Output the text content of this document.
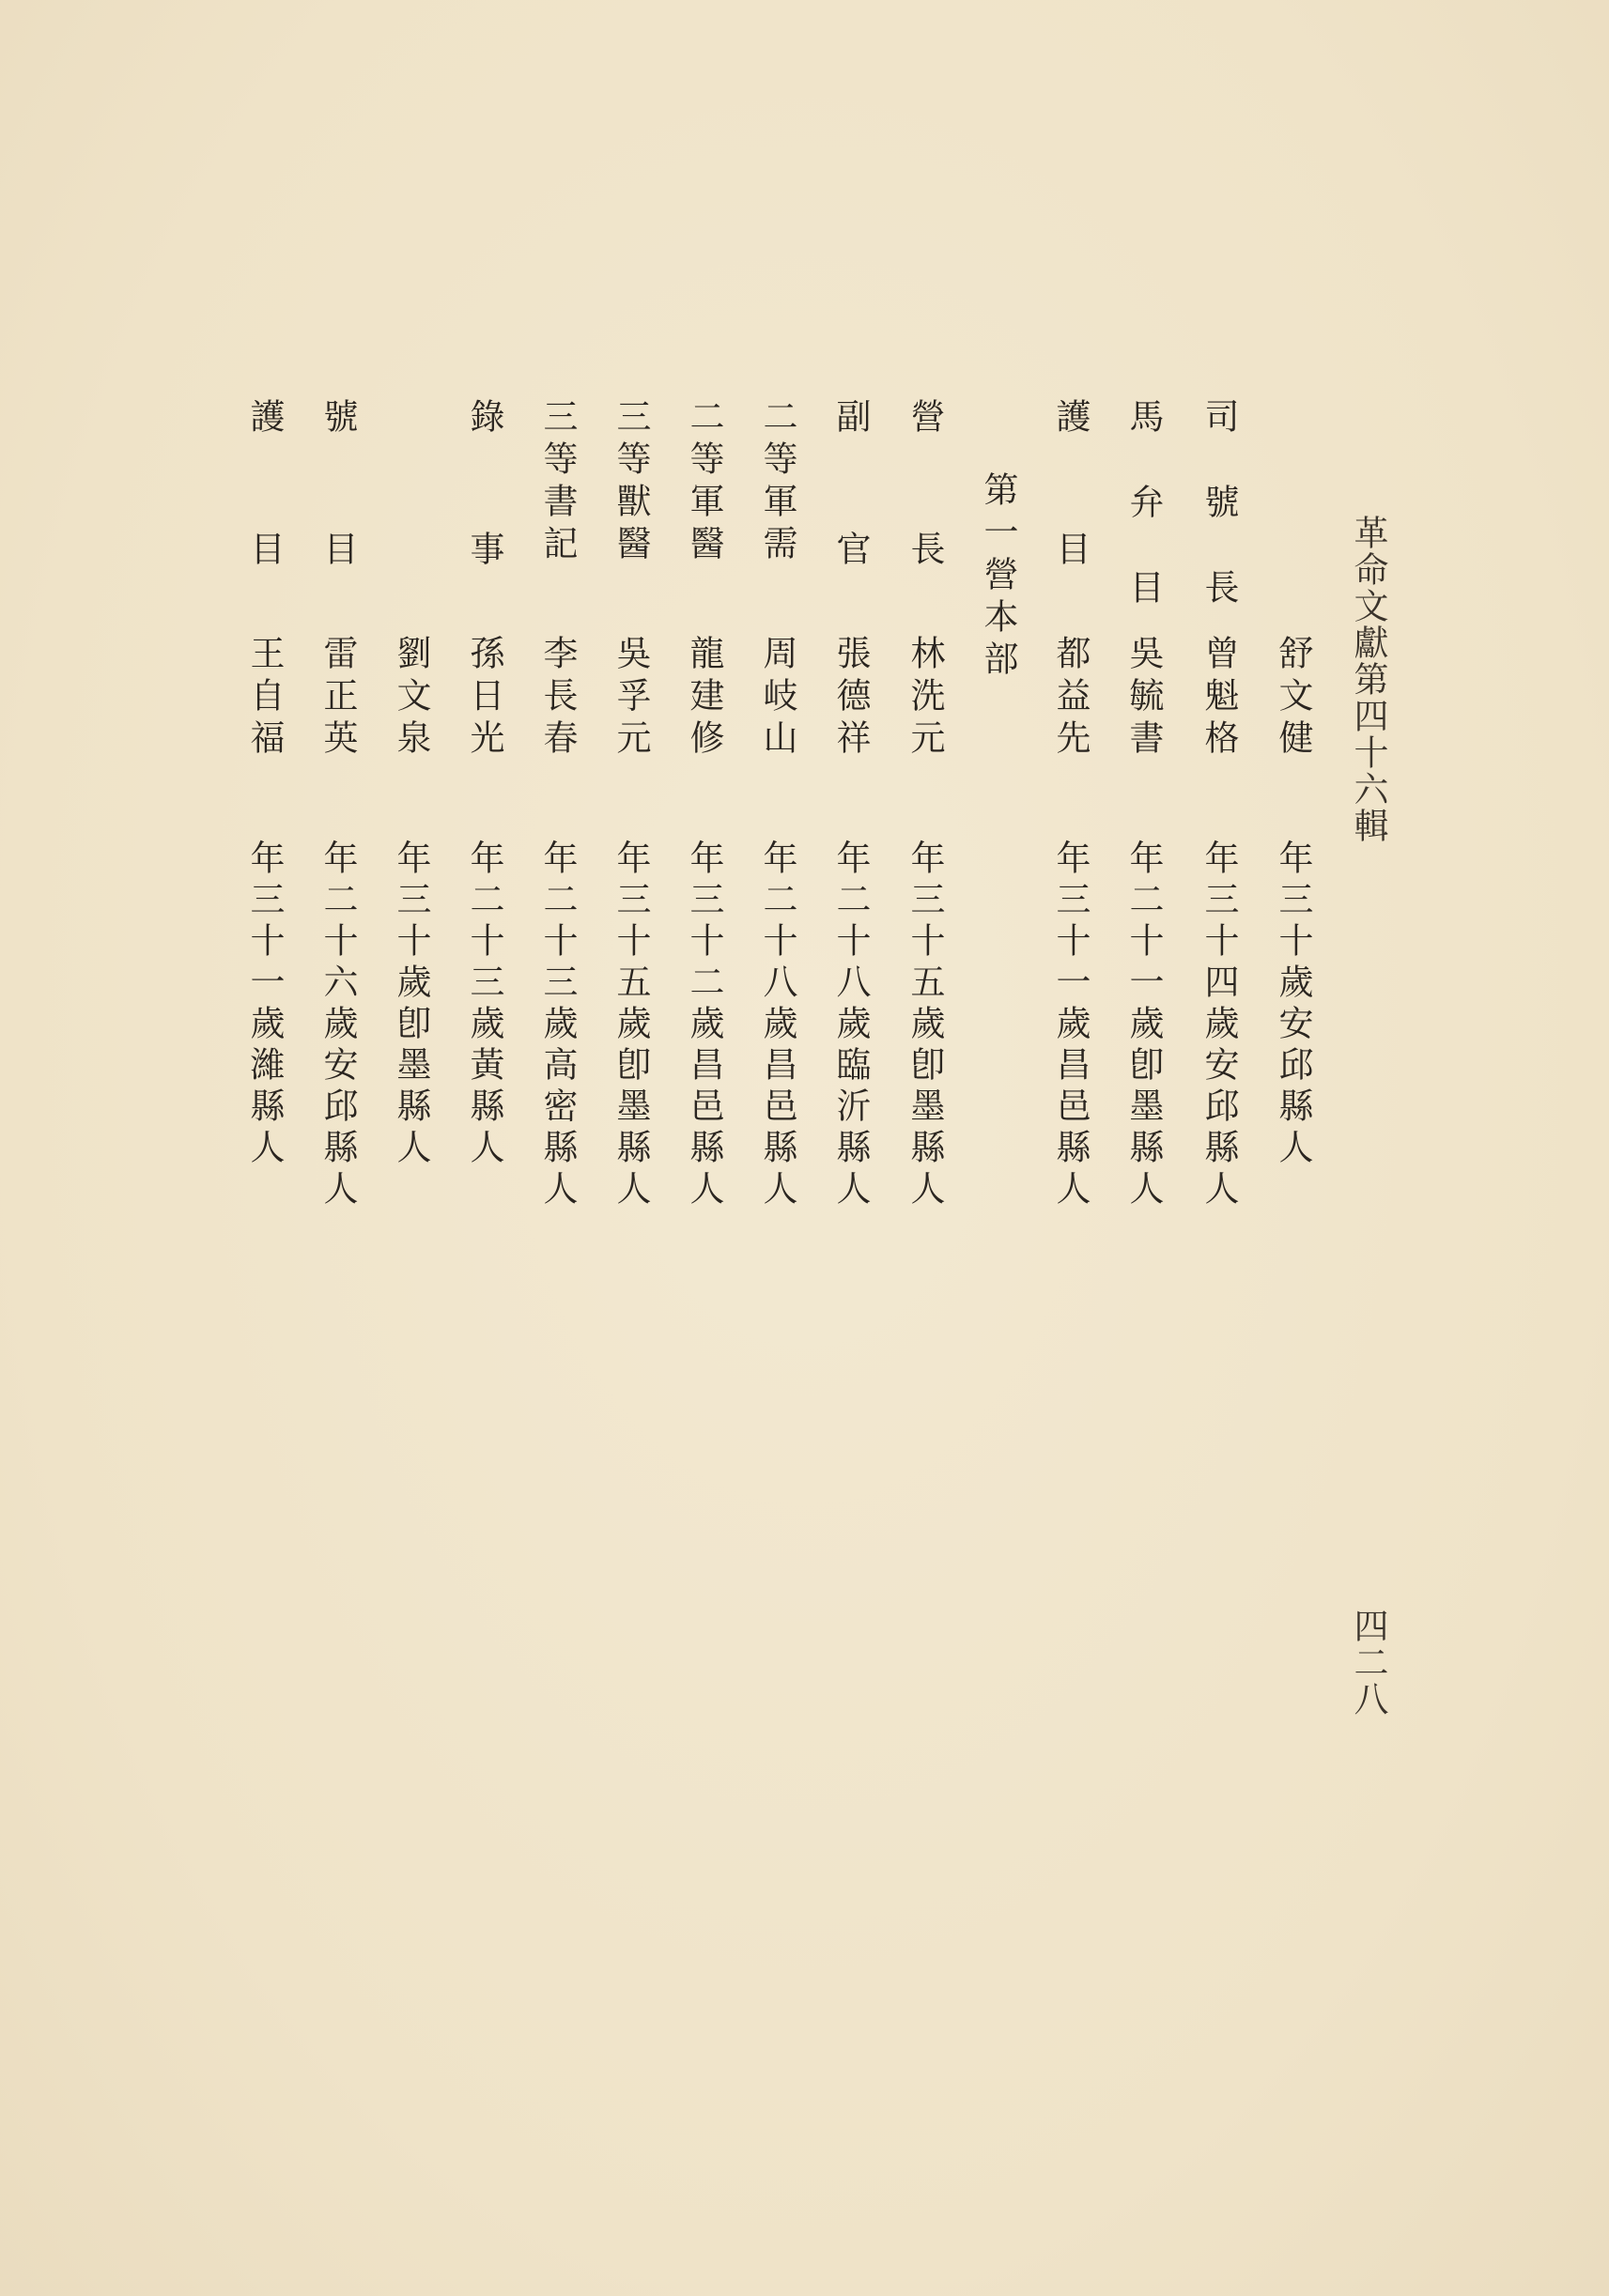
革命文獻第四十六輯
四二八
舒文健
年三十歲安邱縣人
司號長
曾魁格
年三十四歲安邱縣人
馬弁目
吳毓書
年二十一歲卽墨縣人
護目
都益先
年三十一歲昌邑縣人
第一營本部
營長
林洗元
年三十五歲卽墨縣人
副官
張德祥
年二十八歲臨沂縣人
二等軍需
周岐山
年二十八歲昌邑縣人
二等軍醫
龍建修
年三十二歲昌邑縣人
三等獸醫
吳孚元
年三十五歲卽墨縣人
三等書記
李長春
年二十三歲高密縣人
錄事
孫日光
年二十三歲黃縣人
劉文泉
年三十歲卽墨縣人
號目
雷正英
年二十六歲安邱縣人
護目
王自福
年三十一歲濰縣人
